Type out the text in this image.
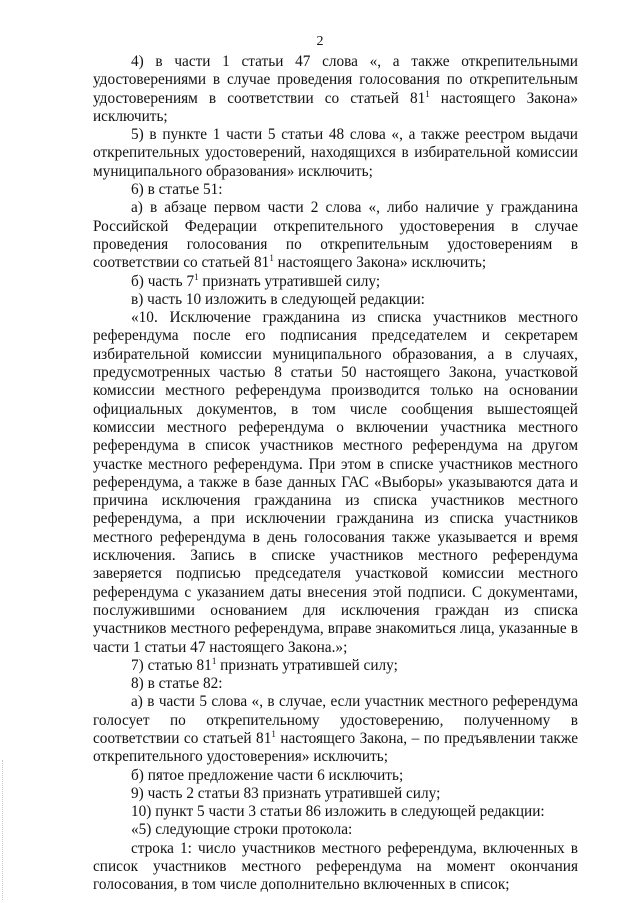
2

4) в части 1 статьи 47 слова «, а также открепительными удостоверениями в случае проведения голосования по открепительным удостоверениям в соответствии со статьей $81^1$ настоящего Закона» исключить;

5) в пункте 1 части 5 статьи 48 слова «, а также реестром выдачи открепительных удостоверений, находящихся в избирательной комиссии муниципального образования» исключить;

6) в статье 51:

а) в абзаце первом части 2 слова «, либо наличие у гражданина Российской Федерации открепительного удостоверения в случае проведения голосования по открепительным удостоверениям в соответствии со статьей $81^1$ настоящего Закона» исключить;

б) часть $7^1$ признать утратившей силу;

в) часть 10 изложить в следующей редакции:

«10. Исключение гражданина из списка участников местного референдума после его подписания председателем и секретарем избирательной комиссии муниципального образования, а в случаях, предусмотренных частью 8 статьи 50 настоящего Закона, участковой комиссии местного референдума производится только на основании официальных документов, в том числе сообщения вышестоящей комиссии местного референдума о включении участника местного референдума в список участников местного референдума на другом участке местного референдума. При этом в списке участников местного референдума, а также в базе данных ГАС «Выборы» указываются дата и причина исключения гражданина из списка участников местного референдума, а при исключении гражданина из списка участников местного референдума в день голосования также указывается и время исключения. Запись в списке участников местного референдума заверяется подписью председателя участковой комиссии местного референдума с указанием даты внесения этой подписи. С документами, послужившими основанием для исключения граждан из списка участников местного референдума, вправе знакомиться лица, указанные в части 1 статьи 47 настоящего Закона.»;

7) статью $81^1$ признать утратившей силу;

8) в статье 82:

а) в части 5 слова «, в случае, если участник местного референдума голосует по открепительному удостоверению, полученному в соответствии со статьей $81^1$ настоящего Закона, – по предъявлении также открепительного удостоверения» исключить;

б) пятое предложение части 6 исключить;

9) часть 2 статьи 83 признать утратившей силу;

10) пункт 5 части 3 статьи 86 изложить в следующей редакции:

«5) следующие строки протокола:

строка 1: число участников местного референдума, включенных в список участников местного референдума на момент окончания голосования, в том числе дополнительно включенных в список;
